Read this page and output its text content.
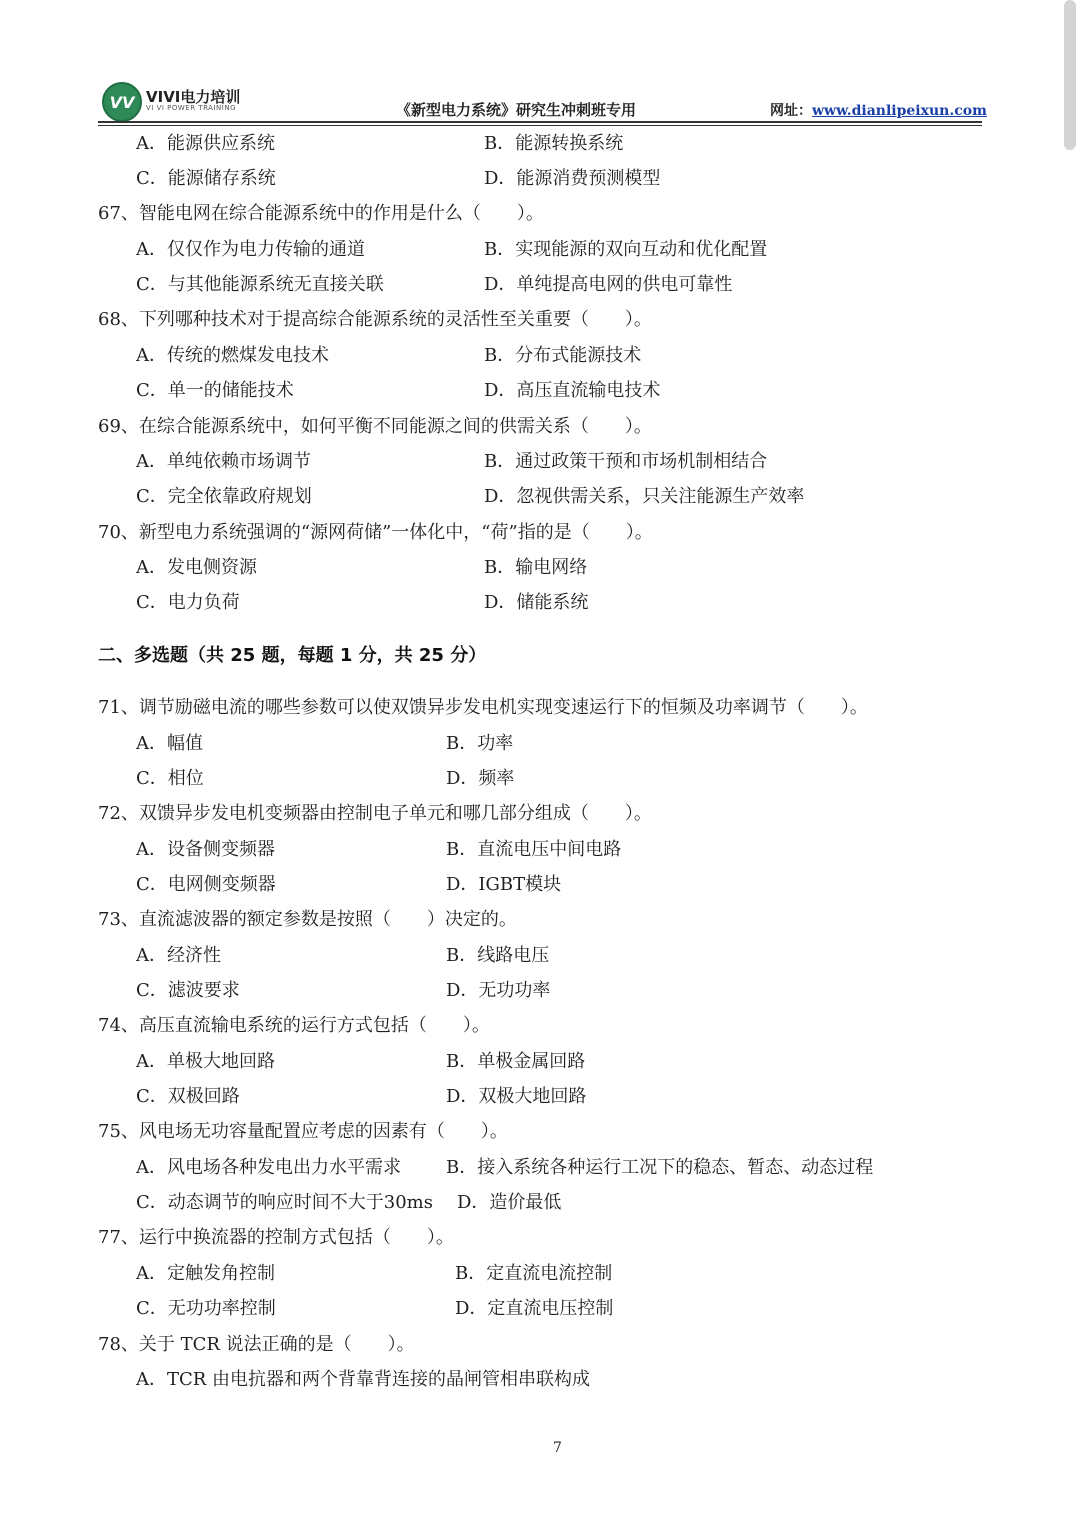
VV VIVI电力培训
VI VI POWER TRAINING	《新型电力系统》研究生冲刺班专用	网址：www.dianlipeixun.com
A．能源供应系统	B．能源转换系统
C．能源储存系统	D．能源消费预测模型
67、智能电网在综合能源系统中的作用是什么（　　）。
A．仅仅作为电力传输的通道	B．实现能源的双向互动和优化配置
C．与其他能源系统无直接关联	D．单纯提高电网的供电可靠性
68、下列哪种技术对于提高综合能源系统的灵活性至关重要（　　）。
A．传统的燃煤发电技术	B．分布式能源技术
C．单一的储能技术	D．高压直流输电技术
69、在综合能源系统中，如何平衡不同能源之间的供需关系（　　）。
A．单纯依赖市场调节	B．通过政策干预和市场机制相结合
C．完全依靠政府规划	D．忽视供需关系，只关注能源生产效率
70、新型电力系统强调的“源网荷储”一体化中，“荷”指的是（　　）。
A．发电侧资源	B．输电网络
C．电力负荷	D．储能系统
71、调节励磁电流的哪些参数可以使双馈异步发电机实现变速运行下的恒频及功率调节（　　）。
A．幅值	B．功率
C．相位	D．频率
72、双馈异步发电机变频器由控制电子单元和哪几部分组成（　　）。
A．设备侧变频器	B．直流电压中间电路
C．电网侧变频器	D．IGBT模块
73、直流滤波器的额定参数是按照（　　）决定的。
A．经济性	B．线路电压
C．滤波要求	D．无功功率
74、高压直流输电系统的运行方式包括（　　）。
A．单极大地回路	B．单极金属回路
C．双极回路	D．双极大地回路
75、风电场无功容量配置应考虑的因素有（　　）。
A．风电场各种发电出力水平需求	B．接入系统各种运行工况下的稳态、暂态、动态过程
C．动态调节的响应时间不大于30ms D．造价最低
77、运行中换流器的控制方式包括（　　）。
A．定触发角控制	B．定直流电流控制
C．无功功率控制	D．定直流电压控制
78、关于 TCR 说法正确的是（　　）。
A．TCR 由电抗器和两个背靠背连接的晶闸管相串联构成
二、多选题（共 25 题，每题 1 分，共 25 分）
7
